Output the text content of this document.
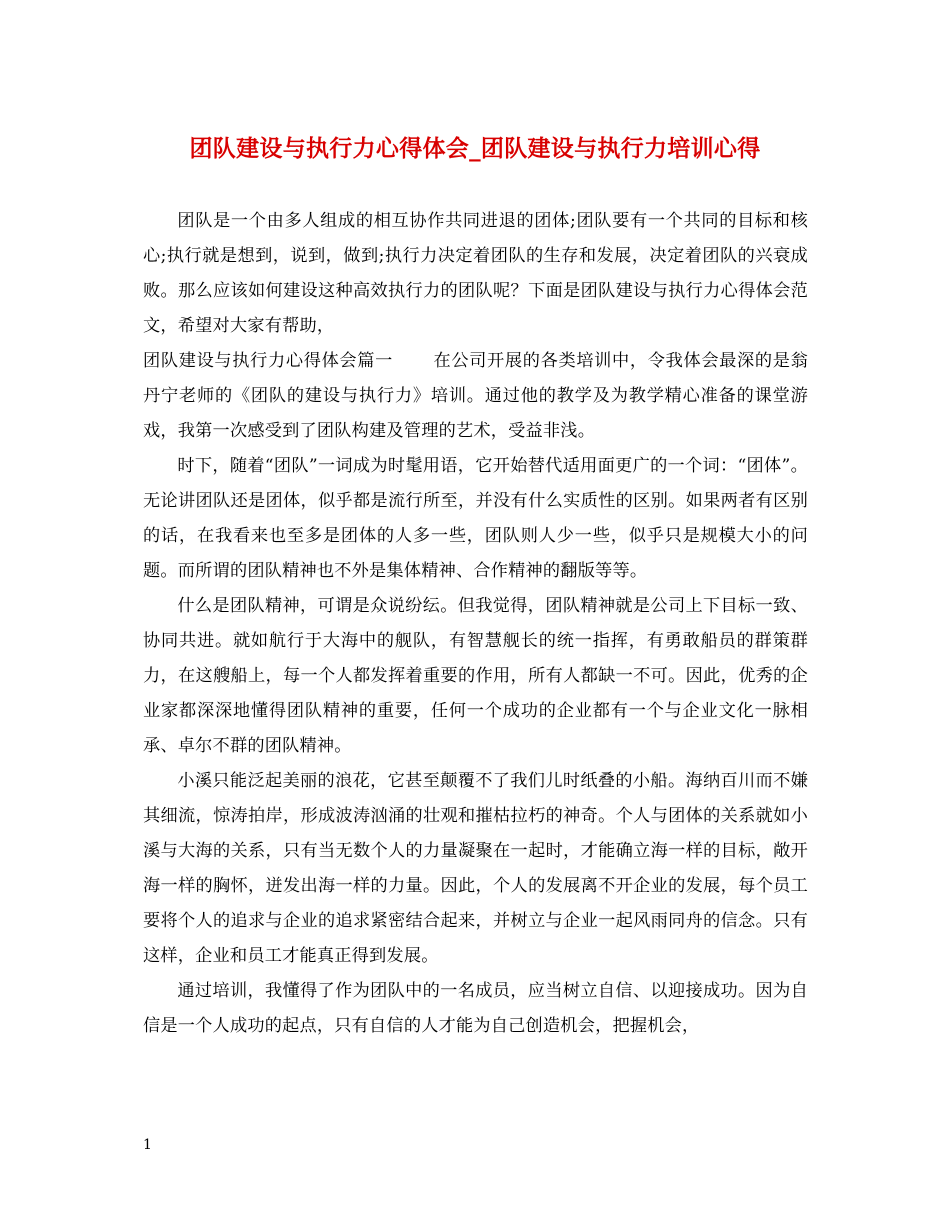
团队建设与执行力心得体会_团队建设与执行力培训心得

团队是一个由多人组成的相互协作共同进退的团体;团队要有一个共同的目标和核心;执行就是想到，说到，做到;执行力决定着团队的生存和发展，决定着团队的兴衰成败。那么应该如何建设这种高效执行力的团队呢？下面是团队建设与执行力心得体会范文，希望对大家有帮助，

团队建设与执行力心得体会篇一 在公司开展的各类培训中，令我体会最深的是翁丹宁老师的《团队的建设与执行力》培训。通过他的教学及为教学精心准备的课堂游戏，我第一次感受到了团队构建及管理的艺术，受益非浅。

时下，随着“团队”一词成为时髦用语，它开始替代适用面更广的一个词：“团体”。无论讲团队还是团体，似乎都是流行所至，并没有什么实质性的区别。如果两者有区别的话，在我看来也至多是团体的人多一些，团队则人少一些，似乎只是规模大小的问题。而所谓的团队精神也不外是集体精神、合作精神的翻版等等。

什么是团队精神，可谓是众说纷纭。但我觉得，团队精神就是公司上下目标一致、协同共进。就如航行于大海中的舰队，有智慧舰长的统一指挥，有勇敢船员的群策群力，在这艘船上，每一个人都发挥着重要的作用，所有人都缺一不可。因此，优秀的企业家都深深地懂得团队精神的重要，任何一个成功的企业都有一个与企业文化一脉相承、卓尔不群的团队精神。

小溪只能泛起美丽的浪花，它甚至颠覆不了我们儿时纸叠的小船。海纳百川而不嫌其细流，惊涛拍岸，形成波涛汹涌的壮观和摧枯拉朽的神奇。个人与团体的关系就如小溪与大海的关系，只有当无数个人的力量凝聚在一起时，才能确立海一样的目标，敞开海一样的胸怀，迸发出海一样的力量。因此，个人的发展离不开企业的发展，每个员工要将个人的追求与企业的追求紧密结合起来，并树立与企业一起风雨同舟的信念。只有这样，企业和员工才能真正得到发展。

通过培训，我懂得了作为团队中的一名成员，应当树立自信、以迎接成功。因为自信是一个人成功的起点，只有自信的人才能为自己创造机会，把握机会，

1
